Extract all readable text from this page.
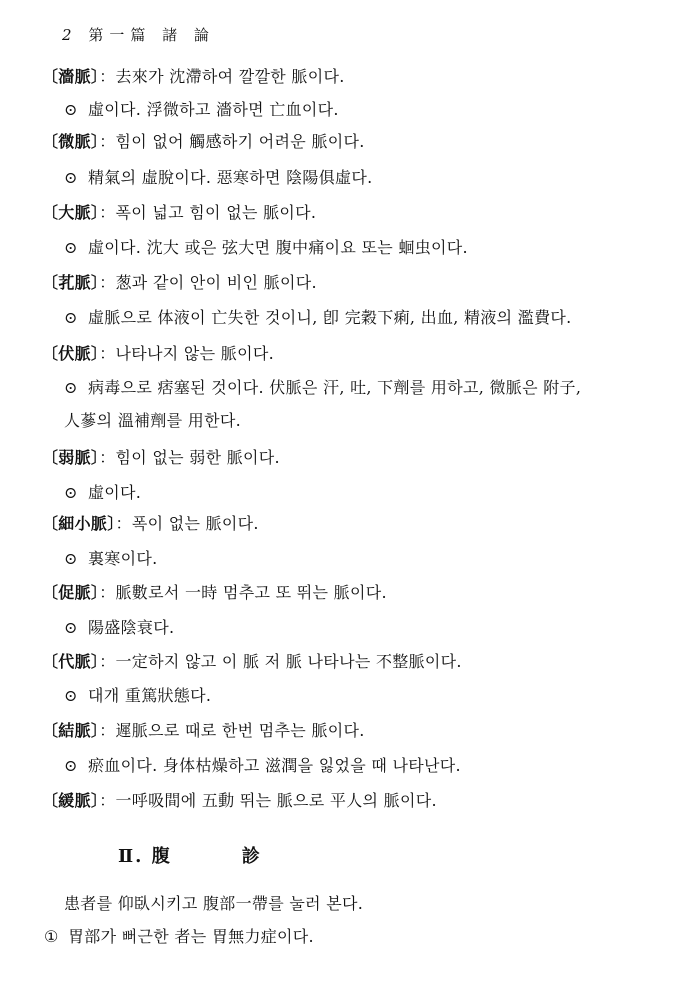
2 第一篇 諸 論
〔濇脈〕：去來가 沈滯하여 깔깔한 脈이다.
⊙ 虛이다. 浮微하고 濇하면 亡血이다.
〔微脈〕：힘이 없어 觸感하기 어려운 脈이다.
⊙ 精氣의 虛脫이다. 惡寒하면 陰陽俱虛다.
〔大脈〕：폭이 넓고 힘이 없는 脈이다.
⊙ 虛이다. 沈大 或은 弦大면 腹中痛이요 또는 蛔虫이다.
〔芤脈〕：葱과 같이 안이 비인 脈이다.
⊙ 虛脈으로 体液이 亡失한 것이니, 卽 完穀下痢, 出血, 精液의 濫費다.
〔伏脈〕：나타나지 않는 脈이다.
⊙ 病毒으로 痞塞된 것이다. 伏脈은 汗, 吐, 下劑를 用하고, 微脈은 附子,
人蔘의 溫補劑를 用한다.
〔弱脈〕：힘이 없는 弱한 脈이다.
⊙ 虛이다.
〔細小脈〕：폭이 없는 脈이다.
⊙ 裏寒이다.
〔促脈〕：脈數로서 一時 멈추고 또 뛰는 脈이다.
⊙ 陽盛陰衰다.
〔代脈〕：一定하지 않고 이 脈 저 脈 나타나는 不整脈이다.
⊙ 대개 重篤狀態다.
〔結脈〕：遲脈으로 때로 한번 멈추는 脈이다.
⊙ 瘀血이다. 身体枯燥하고 滋潤을 잃었을 때 나타난다.
〔緩脈〕：一呼吸間에 五動 뛰는 脈으로 平人의 脈이다.
Ⅱ. 腹	診
患者를 仰臥시키고 腹部一帶를 눌러 본다.
① 胃部가 뻐근한 者는 胃無力症이다.
